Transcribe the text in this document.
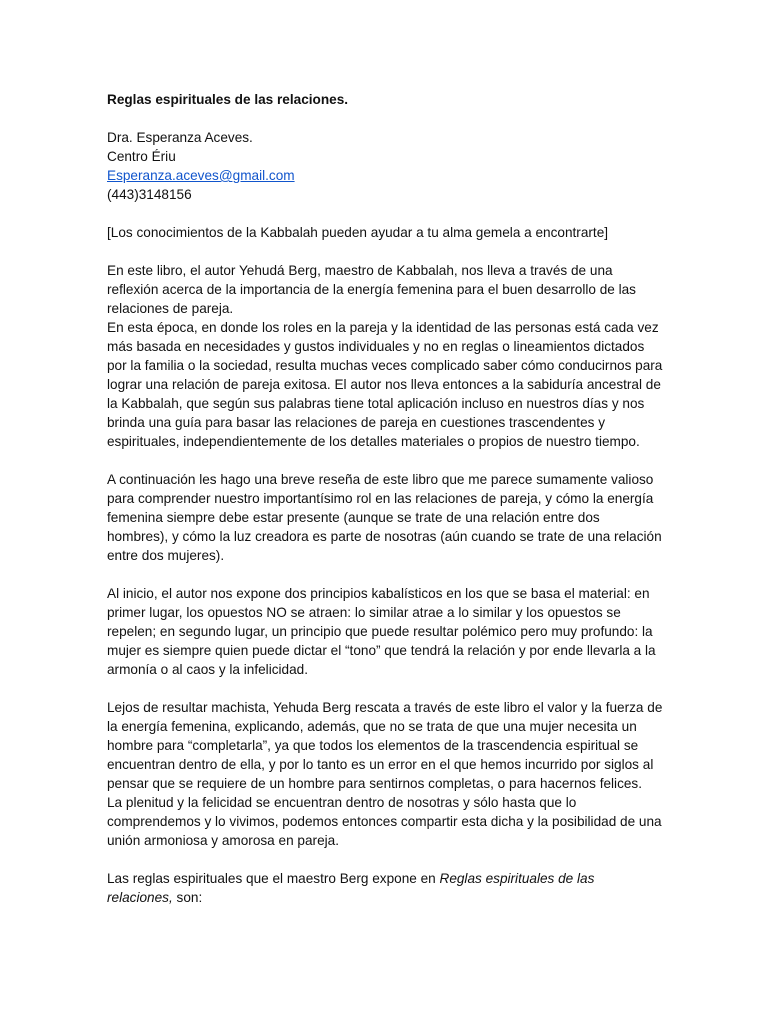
Reglas espirituales de las relaciones.

Dra. Esperanza Aceves.

Centro Ériu

Esperanza.aceves@gmail.com

(443)3148156

[Los conocimientos de la Kabbalah pueden ayudar a tu alma gemela a encontrarte]

En este libro, el autor Yehudá Berg, maestro de Kabbalah, nos lleva a través de una reflexión acerca de la importancia de la energía femenina para el buen desarrollo de las relaciones de pareja.

En esta época, en donde los roles en la pareja y la identidad de las personas está cada vez más basada en necesidades y gustos individuales y no en reglas o lineamientos dictados por la familia o la sociedad, resulta muchas veces complicado saber cómo conducirnos para lograr una relación de pareja exitosa. El autor nos lleva entonces a la sabiduría ancestral de la Kabbalah, que según sus palabras tiene total aplicación incluso en nuestros días y nos brinda una guía para basar las relaciones de pareja en cuestiones trascendentes y espirituales, independientemente de los detalles materiales o propios de nuestro tiempo.

A continuación les hago una breve reseña de este libro que me parece sumamente valioso para comprender nuestro importantísimo rol en las relaciones de pareja, y cómo la energía femenina siempre debe estar presente (aunque se trate de una relación entre dos hombres), y cómo la luz creadora es parte de nosotras (aún cuando se trate de una relación entre dos mujeres).

Al inicio, el autor nos expone dos principios kabalísticos en los que se basa el material: en primer lugar, los opuestos NO se atraen: lo similar atrae a lo similar y los opuestos se repelen; en segundo lugar, un principio que puede resultar polémico pero muy profundo: la mujer es siempre quien puede dictar el “tono” que tendrá la relación y por ende llevarla a la armonía o al caos y la infelicidad.

Lejos de resultar machista, Yehuda Berg rescata a través de este libro el valor y la fuerza de la energía femenina, explicando, además, que no se trata de que una mujer necesita un hombre para “completarla”, ya que todos los elementos de la trascendencia espiritual se encuentran dentro de ella, y por lo tanto es un error en el que hemos incurrido por siglos al pensar que se requiere de un hombre para sentirnos completas, o para hacernos felices.

La plenitud y la felicidad se encuentran dentro de nosotras y sólo hasta que lo comprendemos y lo vivimos, podemos entonces compartir esta dicha y la posibilidad de una unión armoniosa y amorosa en pareja.

Las reglas espirituales que el maestro Berg expone en Reglas espirituales de las relaciones, son:
